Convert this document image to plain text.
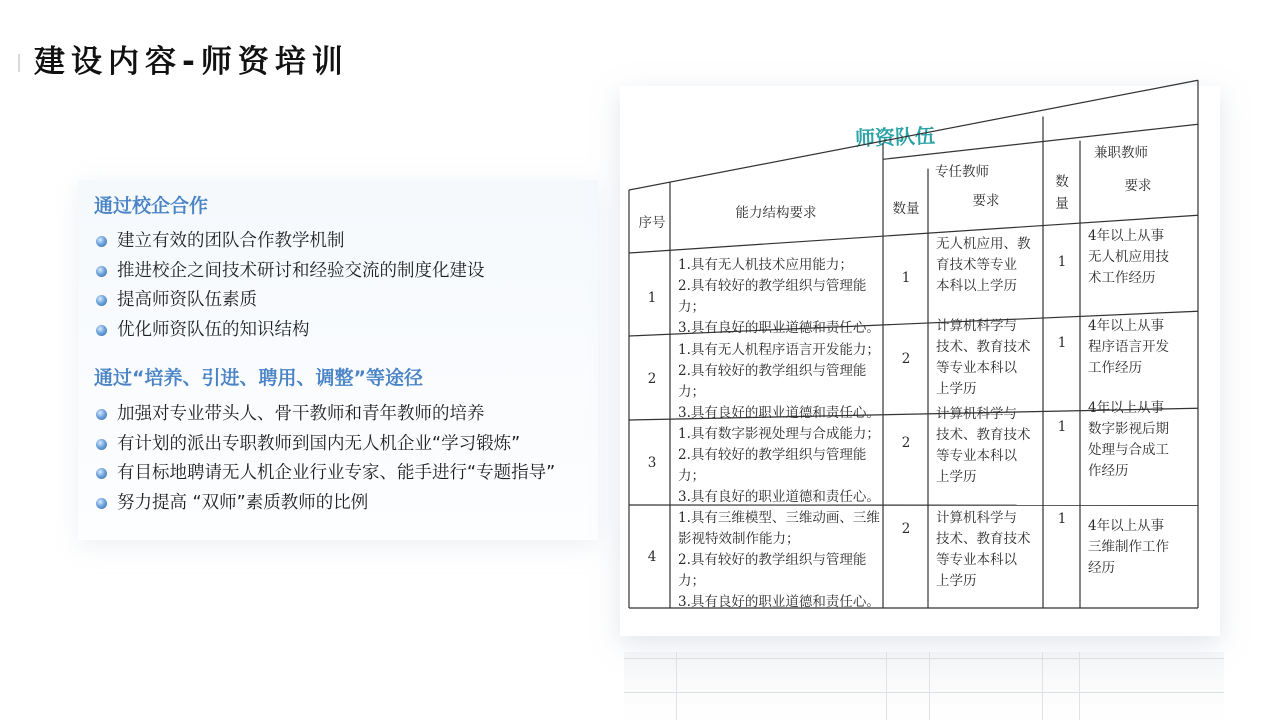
建设内容-师资培训
通过校企合作
建立有效的团队合作教学机制
推进校企之间技术研讨和经验交流的制度化建设
提高师资队伍素质
优化师资队伍的知识结构
通过“培养、引进、聘用、调整”等途径
加强对专业带头人、骨干教师和青年教师的培养
有计划的派出专职教师到国内无人机企业“学习锻炼”
有目标地聘请无人机企业行业专家、能手进行“专题指导”
努力提高 “双师”素质教师的比例
师资队伍
序号
能力结构要求
专任教师
兼职教师
数量	要求
数
量
要求
1
1.具有无人机技术应用能力；
2.具有较好的教学组织与管理能
力；
3.具有良好的职业道德和责任心。
1
无人机应用、教
育技术等专业
本科以上学历
1
4年以上从事
无人机应用技
术工作经历
2
1.具有无人机程序语言开发能力；
2.具有较好的教学组织与管理能
力；
3.具有良好的职业道德和责任心。
2
计算机科学与
技术、教育技术
等专业本科以
上学历
1
4年以上从事
程序语言开发
工作经历
3
1.具有数字影视处理与合成能力；
2.具有较好的教学组织与管理能
力；
3.具有良好的职业道德和责任心。
2
计算机科学与
技术、教育技术
等专业本科以
上学历
1
4年以上从事
数字影视后期
处理与合成工
作经历
4
1.具有三维模型、三维动画、三维
影视特效制作能力；
2.具有较好的教学组织与管理能
力；
3.具有良好的职业道德和责任心。
2
计算机科学与
技术、教育技术
等专业本科以
上学历
1 4年以上从事
三维制作工作
经历
